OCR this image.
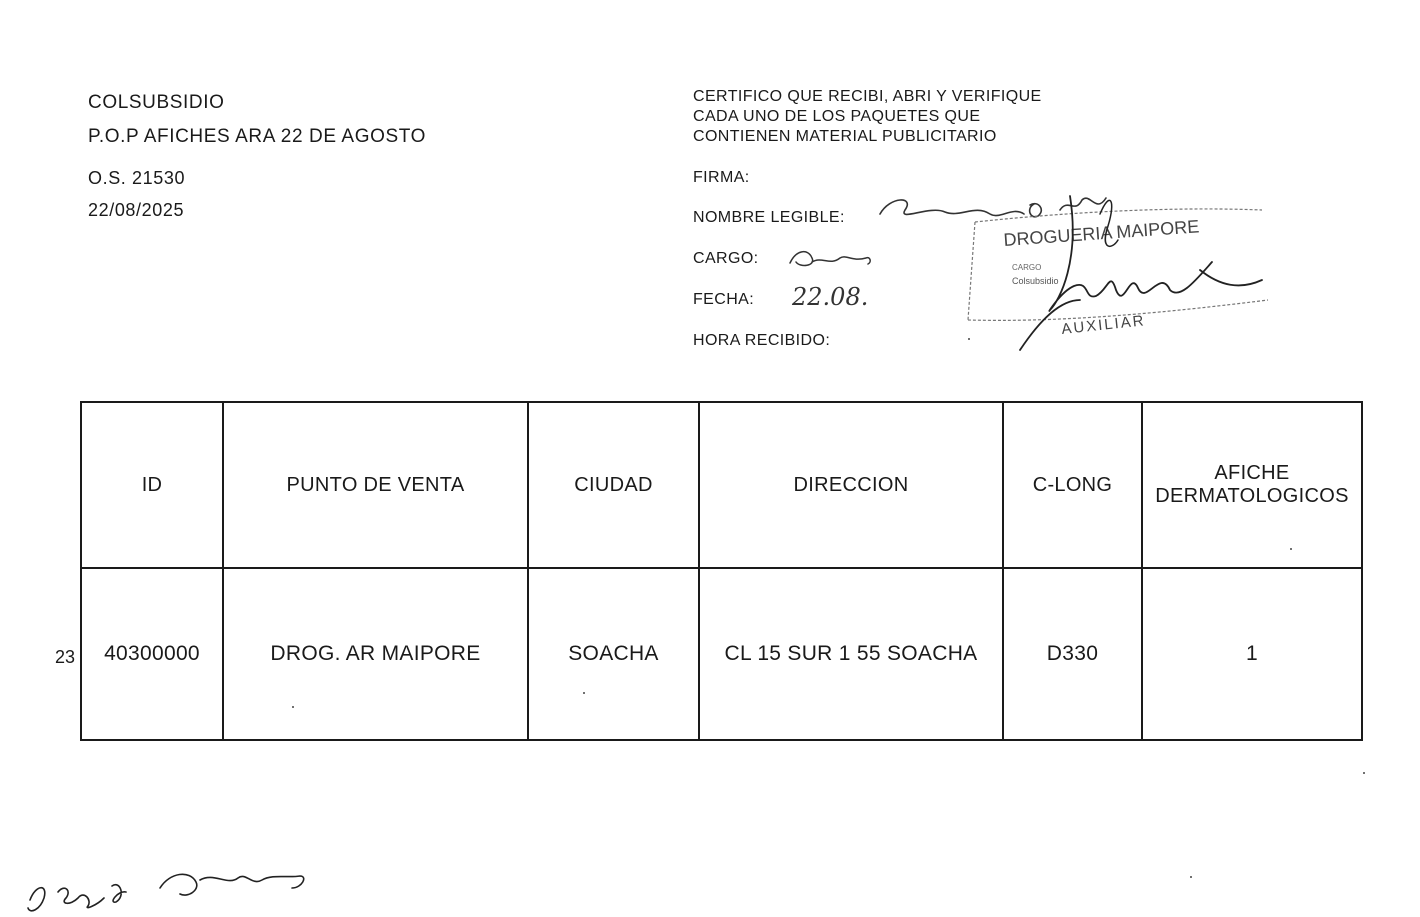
COLSUBSIDIO
P.O.P AFICHES ARA 22 DE AGOSTO
O.S. 21530
22/08/2025
CERTIFICO QUE RECIBI, ABRI Y VERIFIQUE
CADA UNO DE LOS PAQUETES QUE
CONTIENEN MATERIAL PUBLICITARIO
FIRMA:
NOMBRE LEGIBLE:
CARGO:
FECHA:
HORA RECIBIDO:
22.08.
DROGUERIA MAIPORE
AUXILIAR
CARGO
Colsubsidio
José Montaño
23
ID	PUNTO DE VENTA	CIUDAD	DIRECCION	C-LONG	AFICHE
DERMATOLOGICOS

40300000	DROG. AR MAIPORE	SOACHA	CL 15 SUR 1 55 SOACHA	D330	1
